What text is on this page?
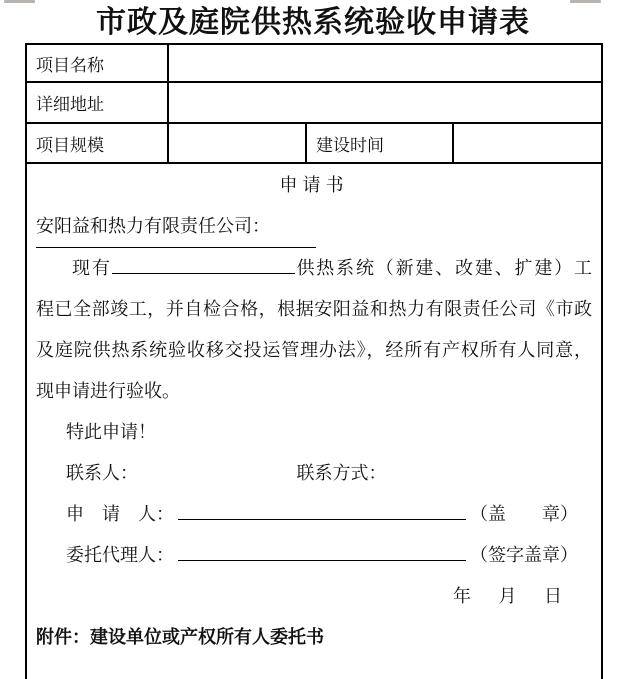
市政及庭院供热系统验收申请表
项目名称
详细地址
项目规模	建设时间
申请书
安阳益和热力有限责任公司：
现有	供热系统（新建、改建、扩建）工
程已全部竣工，并自检合格，根据安阳益和热力有限责任公司《市政
及庭院供热系统验收移交投运管理办法》，经所有产权所有人同意，
现申请进行验收。
特此申请！
联系人：	联系方式：
申　请　人：	（盖　　章）
委托代理人：	（签字盖章）
年 月 日
附件：建设单位或产权所有人委托书
